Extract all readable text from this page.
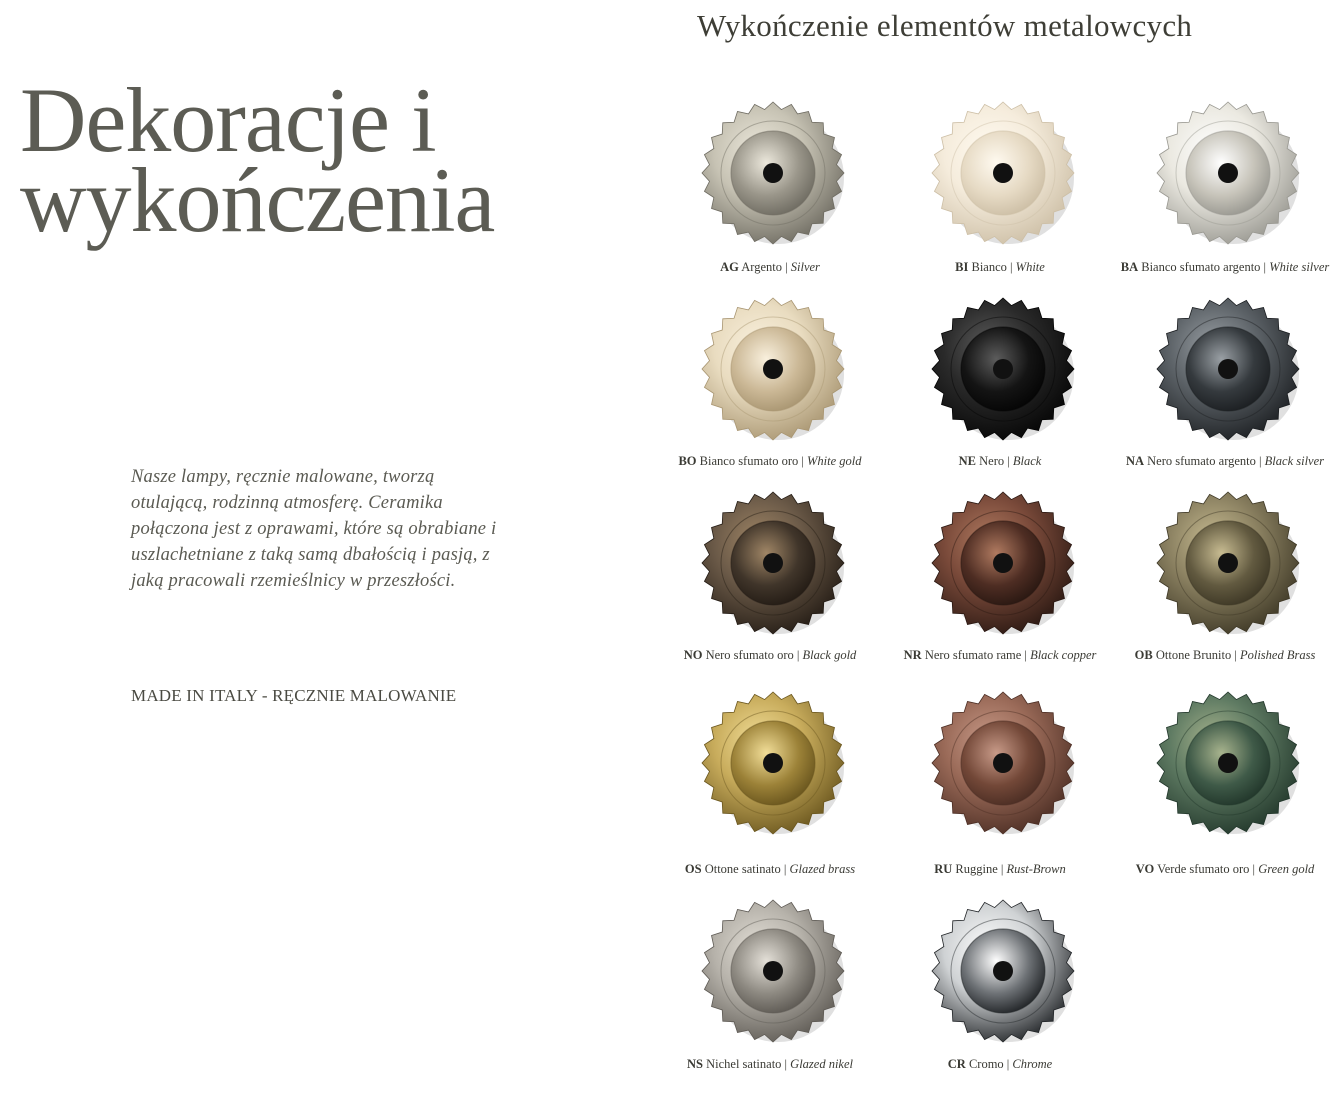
Dekoracje i
wykończenia
Wykończenie elementów metalowcych

Nasze lampy, ręcznie malowane, tworzą otulającą, rodzinną atmosferę. Ceramika połączona jest z oprawami, które są obrabiane i uszlachetniane z taką samą dbałością i pasją, z jaką pracowali rzemieślnicy w przeszłości.

MADE IN ITALY - RĘCZNIE MALOWANIE

AG Argento | Silver	BI Bianco | White	BA Bianco sfumato argento | White silver
BO Bianco sfumato oro | White gold	NE Nero | Black	NA Nero sfumato argento | Black silver
NO Nero sfumato oro | Black gold	NR Nero sfumato rame | Black copper	OB Ottone Brunito | Polished Brass
OS Ottone satinato | Glazed brass	RU Ruggine | Rust-Brown	VO Verde sfumato oro | Green gold
NS Nichel satinato | Glazed nikel	CR Cromo | Chrome
